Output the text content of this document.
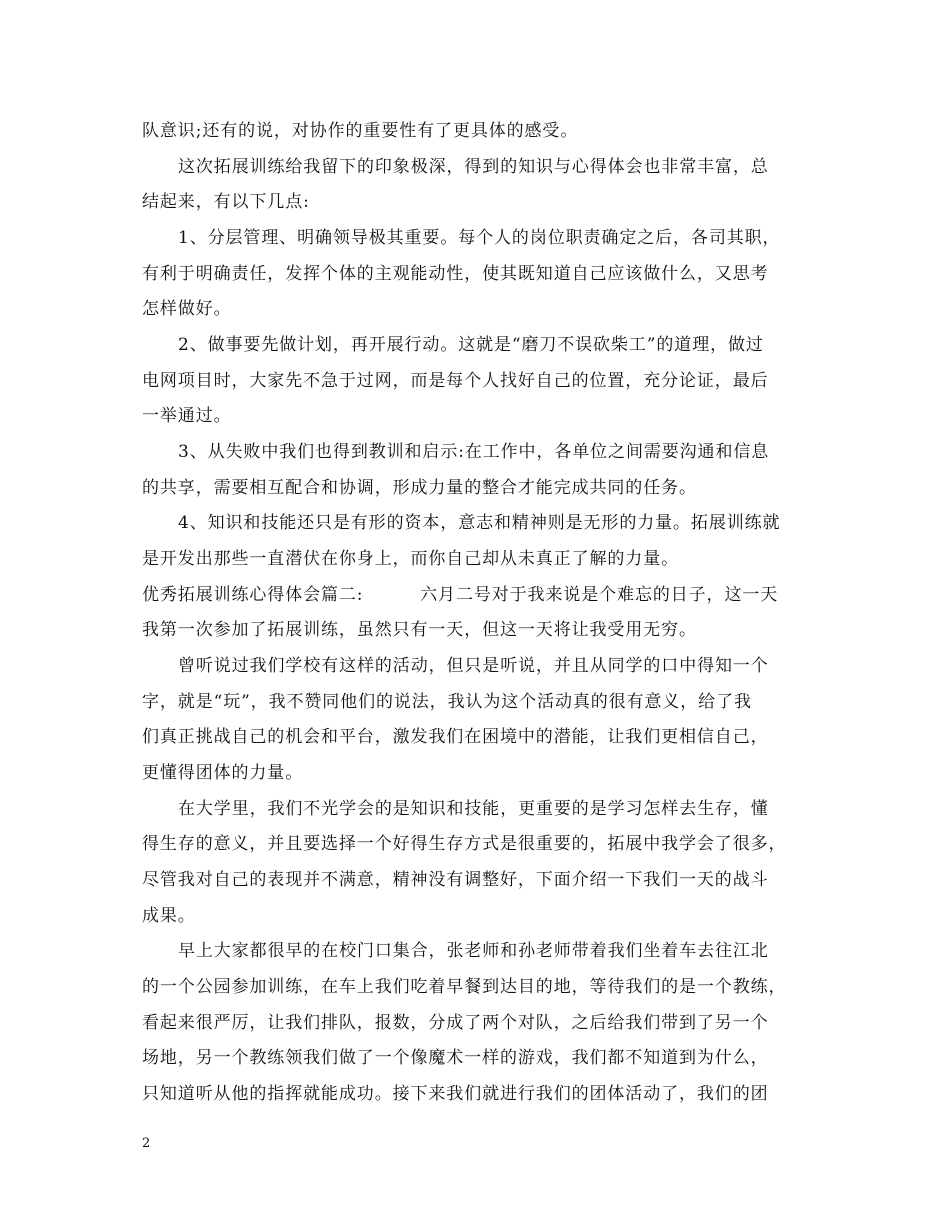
队意识;还有的说，对协作的重要性有了更具体的感受。
这次拓展训练给我留下的印象极深，得到的知识与心得体会也非常丰富，总
结起来，有以下几点:
1、分层管理、明确领导极其重要。每个人的岗位职责确定之后，各司其职，
有利于明确责任，发挥个体的主观能动性，使其既知道自己应该做什么，又思考
怎样做好。
2、做事要先做计划，再开展行动。这就是“磨刀不误砍柴工”的道理，做过
电网项目时，大家先不急于过网，而是每个人找好自己的位置，充分论证，最后
一举通过。
3、从失败中我们也得到教训和启示:在工作中，各单位之间需要沟通和信息
的共享，需要相互配合和协调，形成力量的整合才能完成共同的任务。
4、知识和技能还只是有形的资本，意志和精神则是无形的力量。拓展训练就
是开发出那些一直潜伏在你身上，而你自己却从未真正了解的力量。
优秀拓展训练心得体会篇二:         六月二号对于我来说是个难忘的日子，这一天
我第一次参加了拓展训练，虽然只有一天，但这一天将让我受用无穷。
曾听说过我们学校有这样的活动，但只是听说，并且从同学的口中得知一个
字，就是“玩”，我不赞同他们的说法，我认为这个活动真的很有意义，给了我
们真正挑战自己的机会和平台，激发我们在困境中的潜能，让我们更相信自己，
更懂得团体的力量。
在大学里，我们不光学会的是知识和技能，更重要的是学习怎样去生存，懂
得生存的意义，并且要选择一个好得生存方式是很重要的，拓展中我学会了很多，
尽管我对自己的表现并不满意，精神没有调整好，下面介绍一下我们一天的战斗
成果。
早上大家都很早的在校门口集合，张老师和孙老师带着我们坐着车去往江北
的一个公园参加训练，在车上我们吃着早餐到达目的地，等待我们的是一个教练，
看起来很严厉，让我们排队，报数，分成了两个对队，之后给我们带到了另一个
场地，另一个教练领我们做了一个像魔术一样的游戏，我们都不知道到为什么，
只知道听从他的指挥就能成功。接下来我们就进行我们的团体活动了，我们的团
2
